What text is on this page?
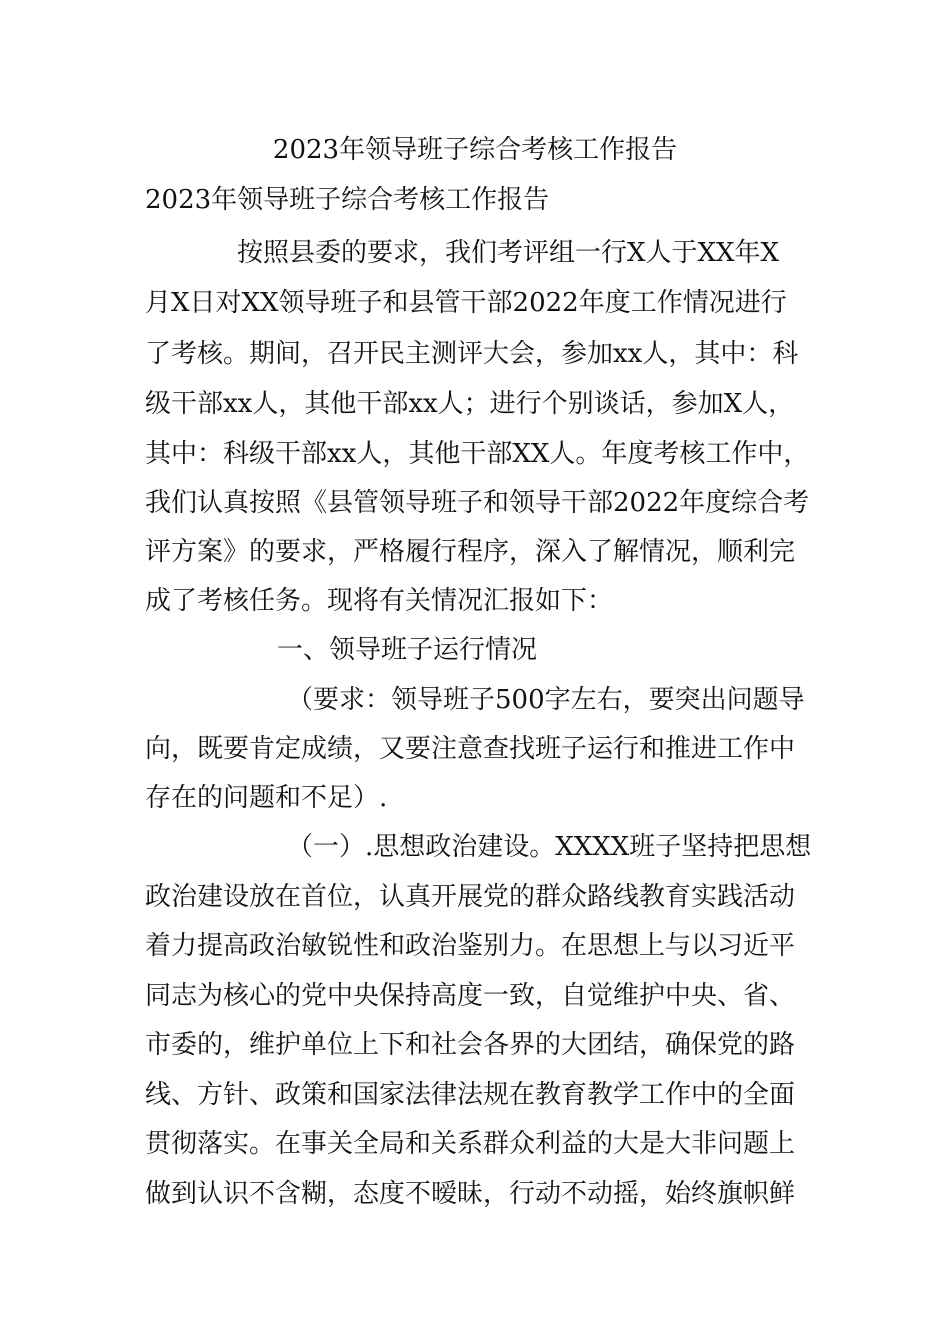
2023年领导班子综合考核工作报告
2023年领导班子综合考核工作报告
按照县委的要求，我们考评组一行X人于XX年X
月X日对XX领导班子和县管干部2022年度工作情况进行
了考核。期间，召开民主测评大会，参加xx人，其中：科
级干部xx人，其他干部xx人；进行个别谈话，参加X人，
其中：科级干部xx人，其他干部XX人。年度考核工作中，
我们认真按照《县管领导班子和领导干部2022年度综合考
评方案》的要求，严格履行程序，深入了解情况，顺利完
成了考核任务。现将有关情况汇报如下：
一、领导班子运行情况
（要求：领导班子500字左右，要突出问题导
向，既要肯定成绩，又要注意查找班子运行和推进工作中
存在的问题和不足）.
（一）.思想政治建设。XXXX班子坚持把思想
政治建设放在首位，认真开展党的群众路线教育实践活动
着力提高政治敏锐性和政治鉴别力。在思想上与以习近平
同志为核心的党中央保持高度一致，自觉维护中央、省、
市委的，维护单位上下和社会各界的大团结，确保党的路
线、方针、政策和国家法律法规在教育教学工作中的全面
贯彻落实。在事关全局和关系群众利益的大是大非问题上
做到认识不含糊，态度不暧昧，行动不动摇，始终旗帜鲜
